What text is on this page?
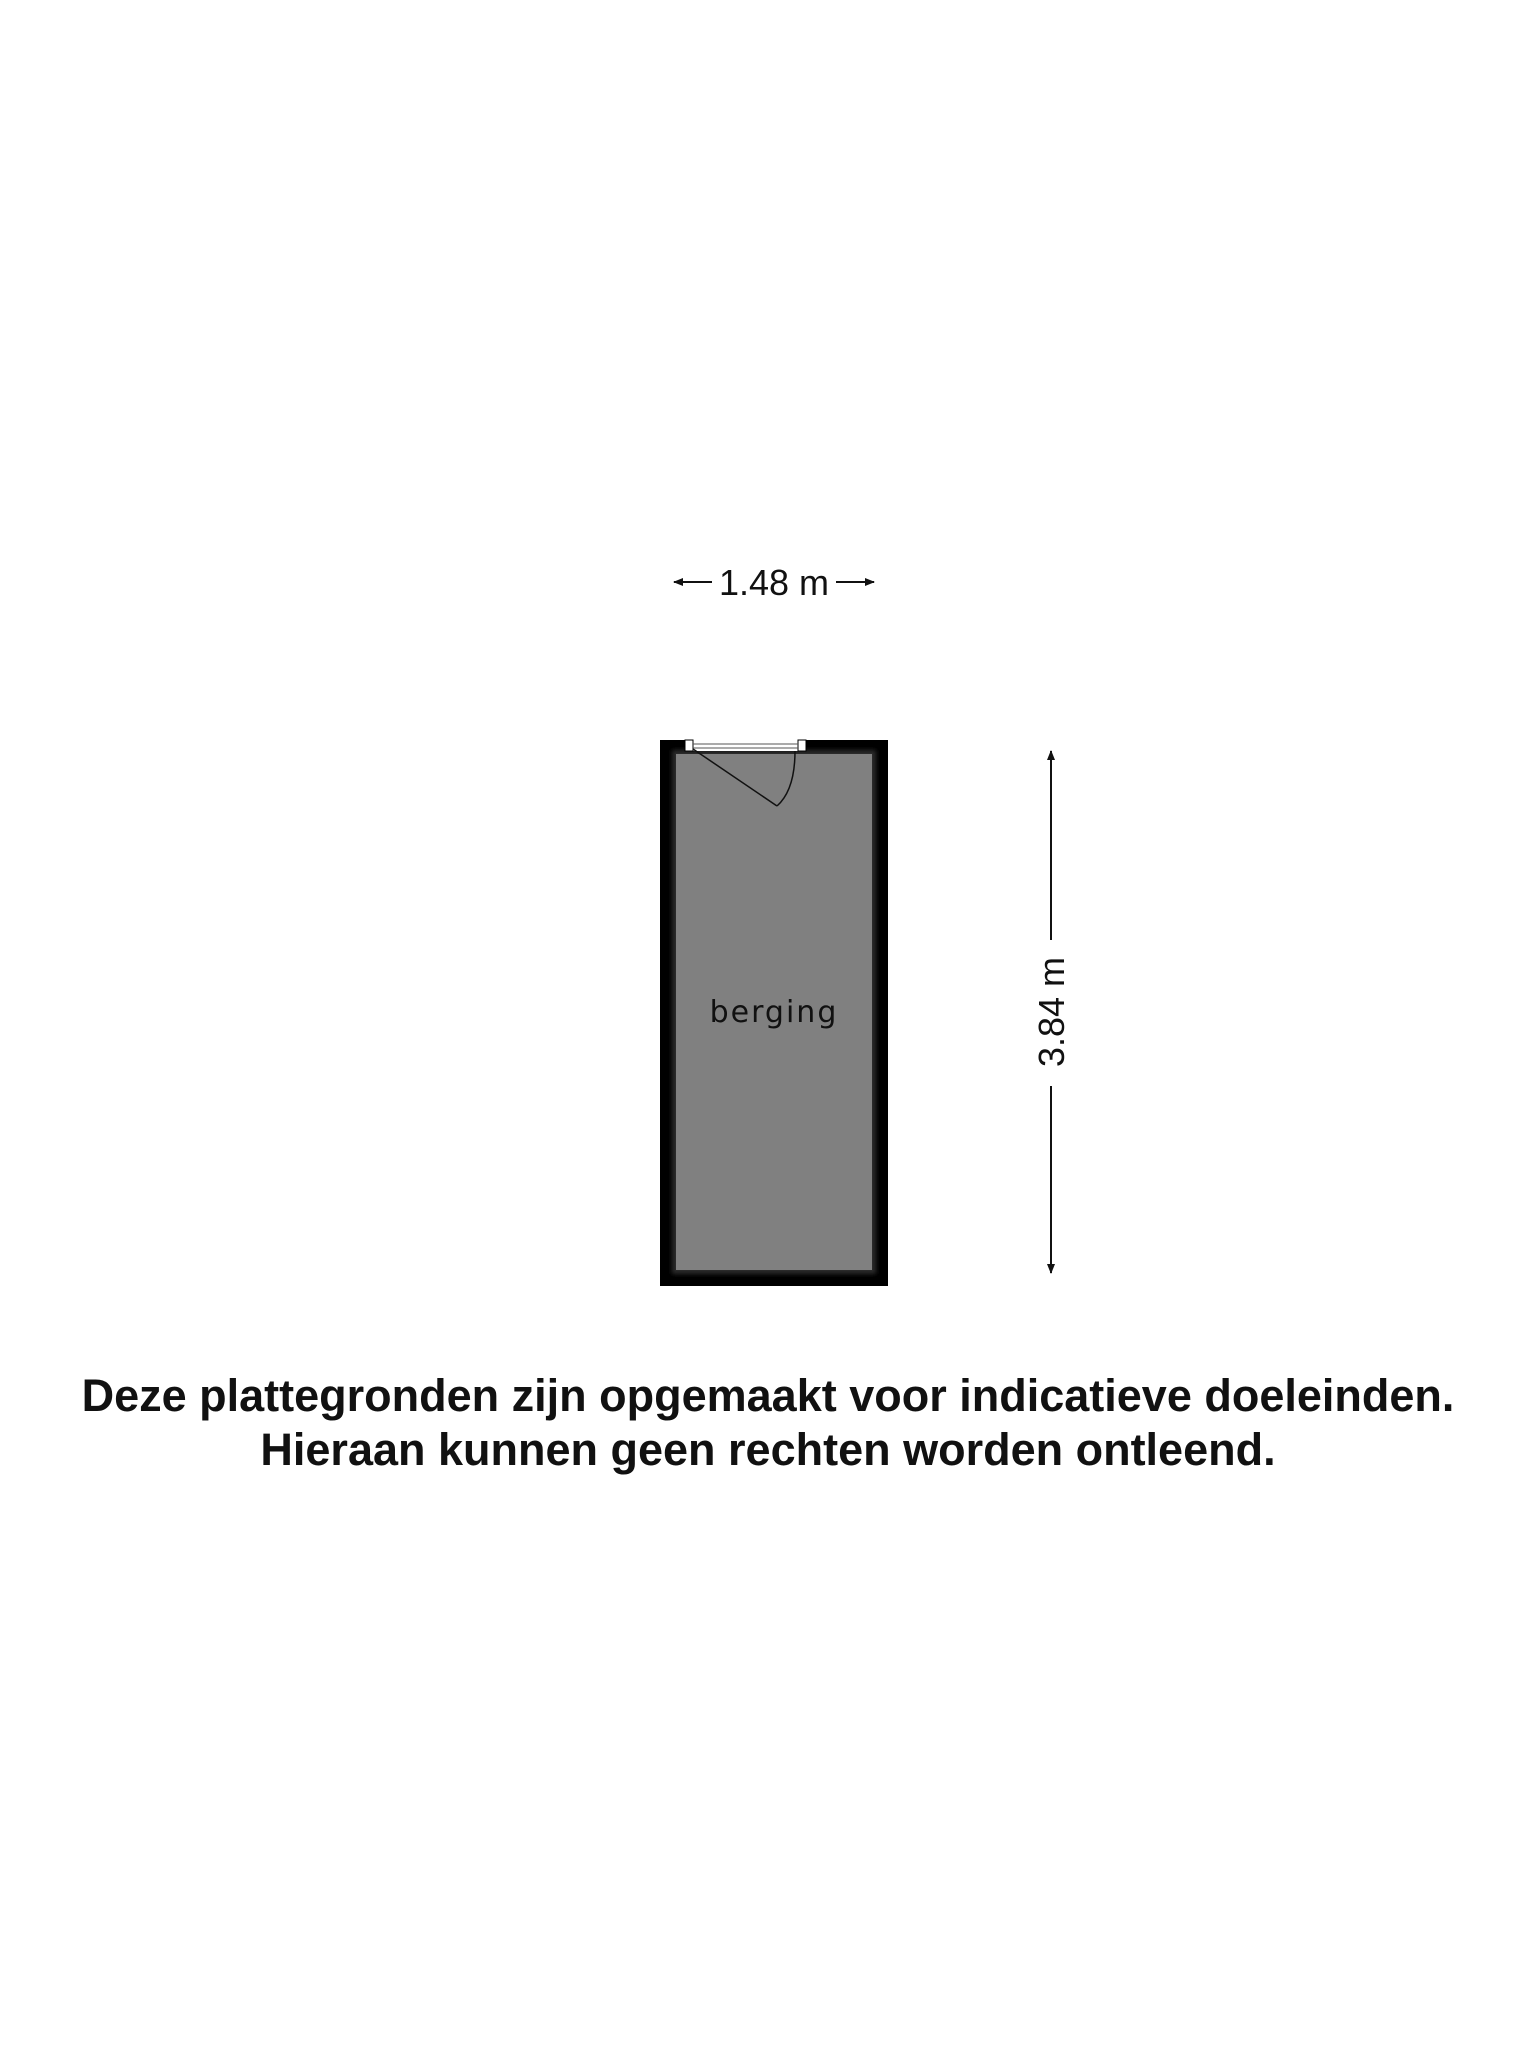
1.48 m
berging	3.84 m
Deze plattegronden zijn opgemaakt voor indicatieve doeleinden.
Hieraan kunnen geen rechten worden ontleend.
